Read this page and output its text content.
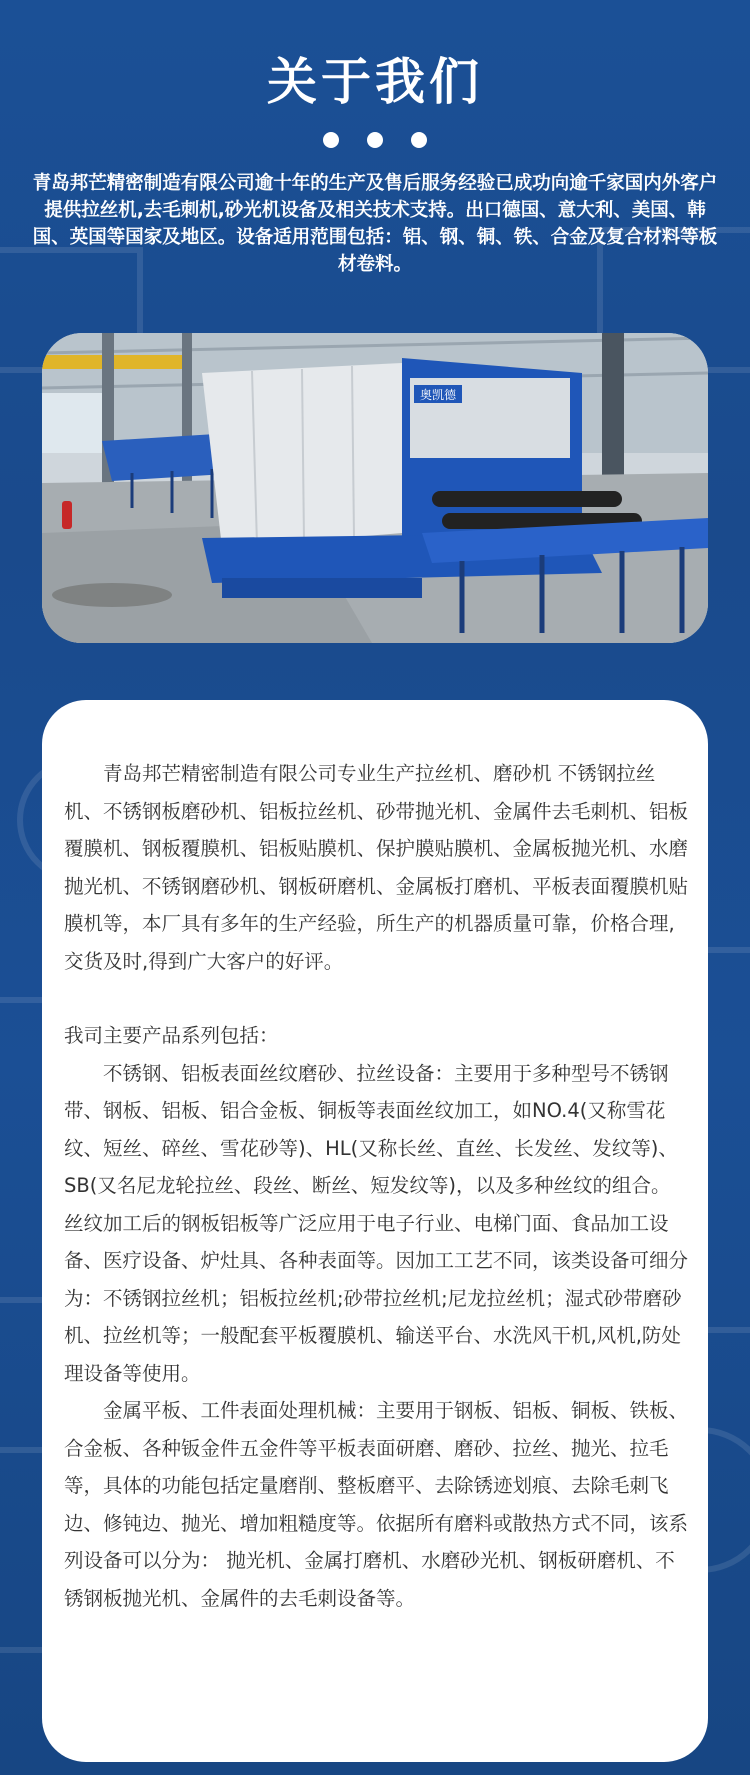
关于我们
青岛邦芒精密制造有限公司逾十年的生产及售后服务经验已成功向逾千家国内外客户提供拉丝机,去毛刺机,砂光机设备及相关技术支持。出口德国、意大利、美国、韩国、英国等国家及地区。设备适用范围包括：铝、钢、铜、铁、合金及复合材料等板材卷料。
奥凯德

青岛邦芒精密制造有限公司专业生产拉丝机、磨砂机 不锈钢拉丝机、不锈钢板磨砂机、铝板拉丝机、砂带抛光机、金属件去毛刺机、铝板覆膜机、钢板覆膜机、铝板贴膜机、保护膜贴膜机、金属板抛光机、水磨抛光机、不锈钢磨砂机、钢板研磨机、金属板打磨机、平板表面覆膜机贴膜机等，本厂具有多年的生产经验，所生产的机器质量可靠，价格合理,交货及时,得到广大客户的好评。

我司主要产品系列包括：

不锈钢、铝板表面丝纹磨砂、拉丝设备：主要用于多种型号不锈钢带、钢板、铝板、铝合金板、铜板等表面丝纹加工，如NO.4(又称雪花纹、短丝、碎丝、雪花砂等)、HL(又称长丝、直丝、长发丝、发纹等)、SB(又名尼龙轮拉丝、段丝、断丝、短发纹等)，以及多种丝纹的组合。丝纹加工后的钢板铝板等广泛应用于电子行业、电梯门面、食品加工设备、医疗设备、炉灶具、各种表面等。因加工工艺不同，该类设备可细分为：不锈钢拉丝机；铝板拉丝机;砂带拉丝机;尼龙拉丝机；湿式砂带磨砂机、拉丝机等；一般配套平板覆膜机、输送平台、水洗风干机,风机,防处理设备等使用。

金属平板、工件表面处理机械：主要用于钢板、铝板、铜板、铁板、合金板、各种钣金件五金件等平板表面研磨、磨砂、拉丝、抛光、拉毛等，具体的功能包括定量磨削、整板磨平、去除锈迹划痕、去除毛刺飞边、修钝边、抛光、增加粗糙度等。依据所有磨料或散热方式不同，该系列设备可以分为： 抛光机、金属打磨机、水磨砂光机、钢板研磨机、不锈钢板抛光机、金属件的去毛刺设备等。
